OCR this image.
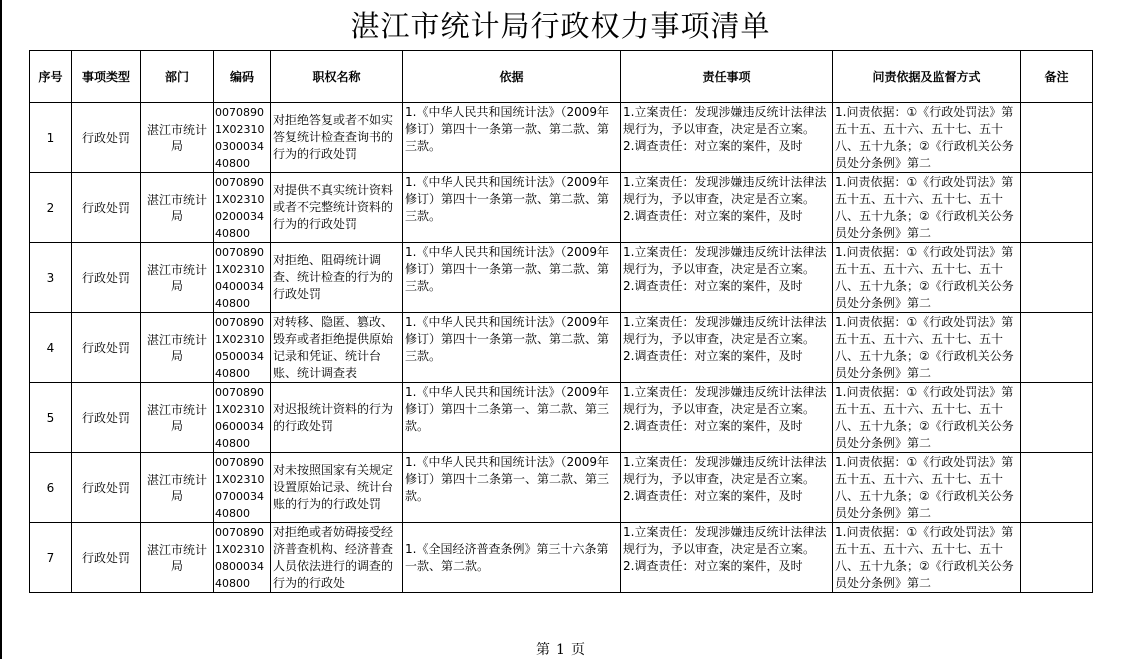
湛江市统计局行政权力事项清单
序号	事项类型	部门	编码	职权名称	依据	责任事项	问责依据及监督方式	备注
1	行政处罚	湛江市统计局	0070890 1X02310 0300034 40800	对拒绝答复或者不如实答复统计检查查询书的行为的行政处罚	1.《中华人民共和国统计法》（2009年修订）第四十一条第一款、第二款、第三款。	1.立案责任：发现涉嫌违反统计法律法规行为，予以审查，决定是否立案。 2.调查责任：对立案的案件，及时	1.问责依据：①《行政处罚法》第五十五、五十六、五十七、五十八、五十九条；②《行政机关公务员处分条例》第二	

2	行政处罚	湛江市统计局	0070890 1X02310 0200034 40800	对提供不真实统计资料或者不完整统计资料的行为的行政处罚	1.《中华人民共和国统计法》（2009年修订）第四十一条第一款、第二款、第三款。	1.立案责任：发现涉嫌违反统计法律法规行为，予以审查，决定是否立案。 2.调查责任：对立案的案件，及时	1.问责依据：①《行政处罚法》第五十五、五十六、五十七、五十八、五十九条；②《行政机关公务员处分条例》第二	

3	行政处罚	湛江市统计局	0070890 1X02310 0400034 40800	对拒绝、阻碍统计调查、统计检查的行为的行政处罚	1.《中华人民共和国统计法》（2009年修订）第四十一条第一款、第二款、第三款。	1.立案责任：发现涉嫌违反统计法律法规行为，予以审查，决定是否立案。 2.调查责任：对立案的案件，及时	1.问责依据：①《行政处罚法》第五十五、五十六、五十七、五十八、五十九条；②《行政机关公务员处分条例》第二	

4	行政处罚	湛江市统计局	0070890 1X02310 0500034 40800	对转移、隐匿、篡改、毁弃或者拒绝提供原始记录和凭证、统计台账、统计调查表	1.《中华人民共和国统计法》（2009年修订）第四十一条第一款、第二款、第三款。	1.立案责任：发现涉嫌违反统计法律法规行为，予以审查，决定是否立案。 2.调查责任：对立案的案件，及时	1.问责依据：①《行政处罚法》第五十五、五十六、五十七、五十八、五十九条；②《行政机关公务员处分条例》第二	

5	行政处罚	湛江市统计局	0070890 1X02310 0600034 40800	对迟报统计资料的行为的行政处罚	1.《中华人民共和国统计法》（2009年修订）第四十二条第一、第二款、第三款。	1.立案责任：发现涉嫌违反统计法律法规行为，予以审查，决定是否立案。 2.调查责任：对立案的案件，及时	1.问责依据：①《行政处罚法》第五十五、五十六、五十七、五十八、五十九条；②《行政机关公务员处分条例》第二	

6	行政处罚	湛江市统计局	0070890 1X02310 0700034 40800	对未按照国家有关规定设置原始记录、统计台账的行为的行政处罚	1.《中华人民共和国统计法》（2009年修订）第四十二条第一、第二款、第三款。	1.立案责任：发现涉嫌违反统计法律法规行为，予以审查，决定是否立案。 2.调查责任：对立案的案件，及时	1.问责依据：①《行政处罚法》第五十五、五十六、五十七、五十八、五十九条；②《行政机关公务员处分条例》第二	

7	行政处罚	湛江市统计局	0070890 1X02310 0800034 40800	对拒绝或者妨碍接受经济普查机构、经济普查人员依法进行的调查的行为的行政处	1.《全国经济普查条例》第三十六条第一款、第二款。	1.立案责任：发现涉嫌违反统计法律法规行为，予以审查，决定是否立案。 2.调查责任：对立案的案件，及时	1.问责依据：①《行政处罚法》第五十五、五十六、五十七、五十八、五十九条；②《行政机关公务员处分条例》第二	

第 1 页
